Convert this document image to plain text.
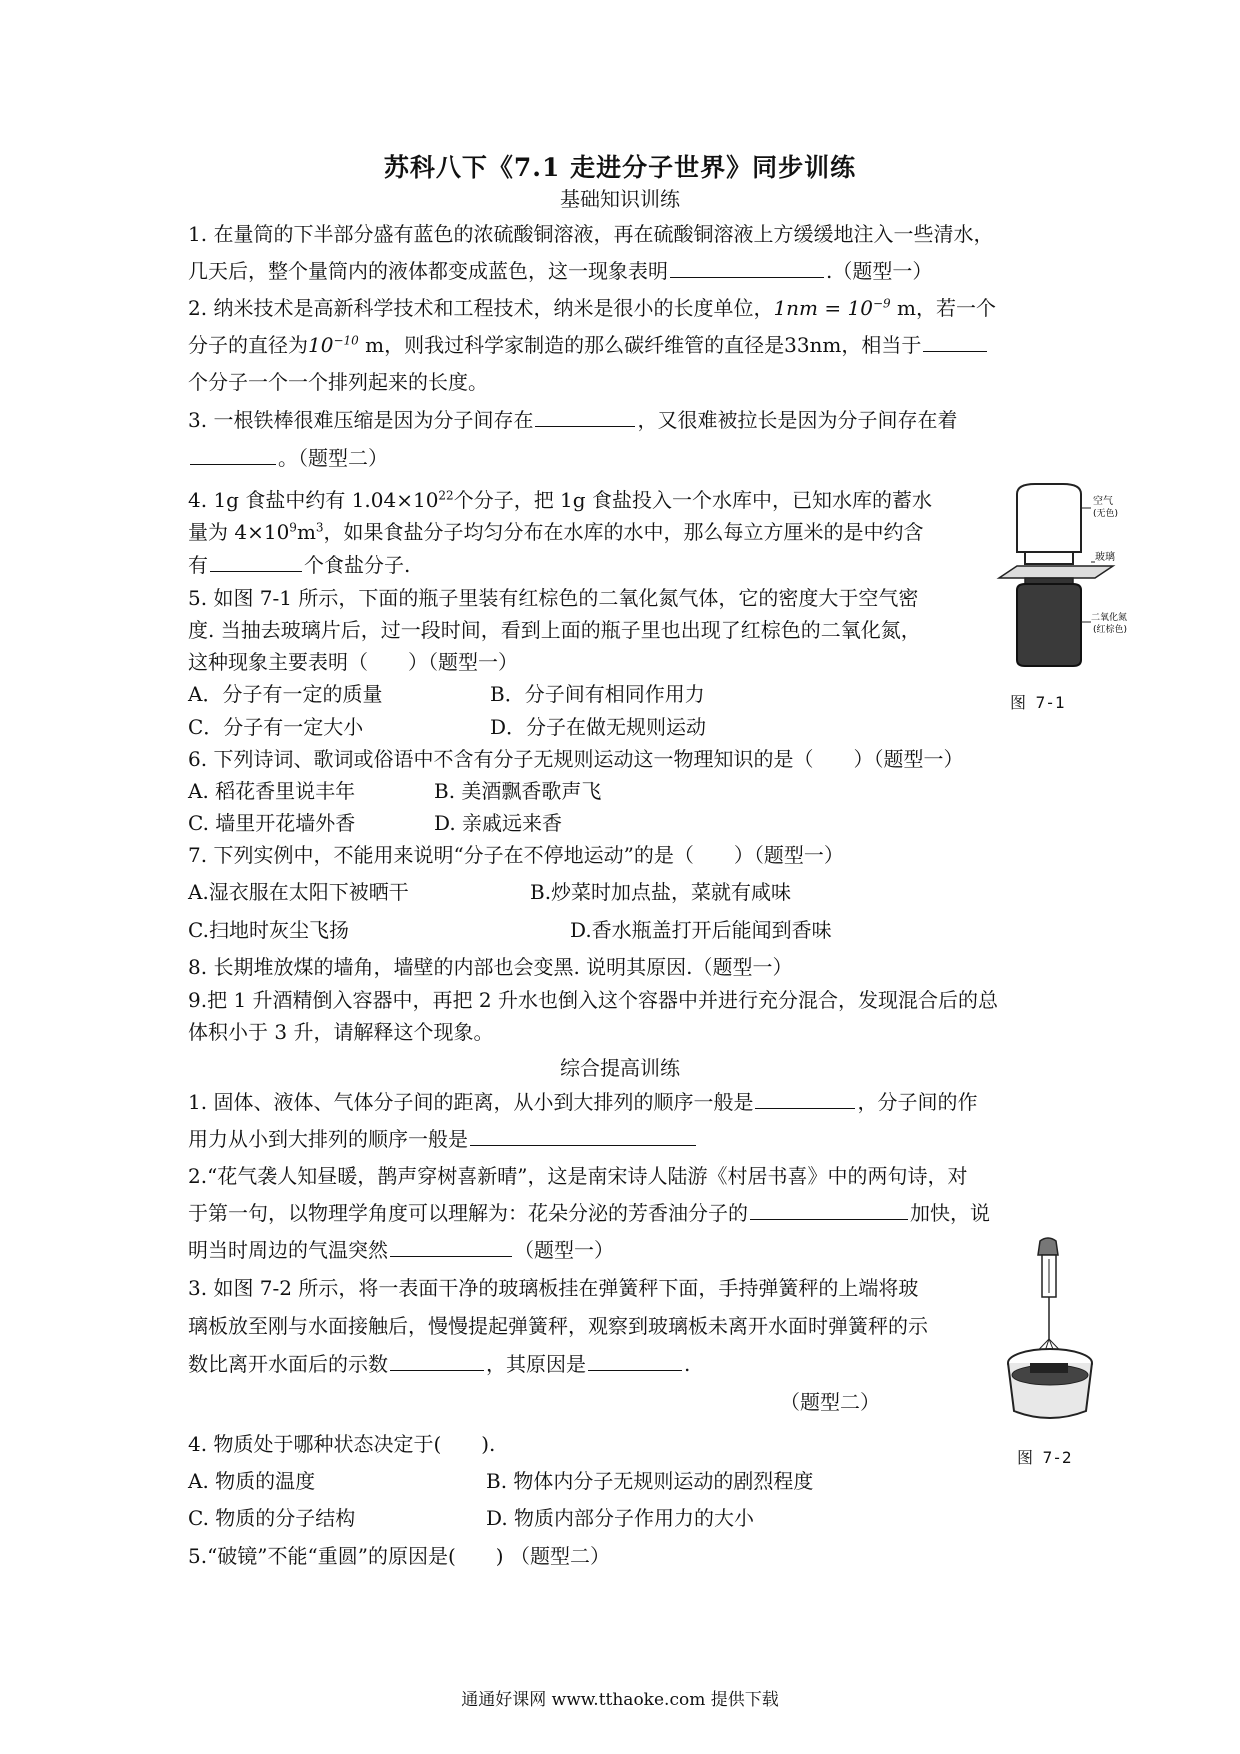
苏科八下《7.1 走进分子世界》同步训练
基础知识训练
1. 在量筒的下半部分盛有蓝色的浓硫酸铜溶液，再在硫酸铜溶液上方缓缓地注入一些清水，
几天后，整个量筒内的液体都变成蓝色，这一现象表明	.（题型一）
2. 纳米技术是高新科学技术和工程技术，纳米是很小的长度单位，$1nm = 10^{-9}$ m，若一个
分子的直径为$10^{-10}$ m，则我过科学家制造的那么碳纤维管的直径是33nm，相当于
个分子一个一个排列起来的长度。
3. 一根铁棒很难压缩是因为分子间存在	，又很难被拉长是因为分子间存在着
。（题型二）
4. 1g 食盐中约有 $1.04\times 10^{22}$个分子，把 1g 食盐投入一个水库中，已知水库的蓄水
量为 $4\times 10^9m^3$，如果食盐分子均匀分布在水库的水中，那么每立方厘米的是中约含
有	个食盐分子.
5. 如图 7-1 所示，下面的瓶子里装有红棕色的二氧化氮气体，它的密度大于空气密
度. 当抽去玻璃片后，过一段时间，看到上面的瓶子里也出现了红棕色的二氧化氮，
这种现象主要表明（　　）（题型一）
A．分子有一定的质量	B．分子间有相同作用力
C．分子有一定大小	D．分子在做无规则运动
6. 下列诗词、歌词或俗语中不含有分子无规则运动这一物理知识的是（　　）（题型一）
A. 稻花香里说丰年	B. 美酒飘香歌声飞
C. 墙里开花墙外香	D. 亲戚远来香
7. 下列实例中，不能用来说明“分子在不停地运动”的是（　　）（题型一）
A.湿衣服在太阳下被晒干	B.炒菜时加点盐，菜就有咸味
C.扫地时灰尘飞扬	D.香水瓶盖打开后能闻到香味
8. 长期堆放煤的墙角，墙壁的内部也会变黑. 说明其原因.（题型一）
9.把 1 升酒精倒入容器中，再把 2 升水也倒入这个容器中并进行充分混合，发现混合后的总
体积小于 3 升，请解释这个现象。
空气
(无色)
玻璃
二氧化氮
(红棕色)
图 7-1
综合提高训练
1. 固体、液体、气体分子间的距离，从小到大排列的顺序一般是	，分子间的作
用力从小到大排列的顺序一般是
2.“花气袭人知昼暖，鹊声穿树喜新晴”，这是南宋诗人陆游《村居书喜》中的两句诗，对
于第一句，以物理学角度可以理解为：花朵分泌的芳香油分子的	加快，说
明当时周边的气温突然	（题型一）
3. 如图 7-2 所示，将一表面干净的玻璃板挂在弹簧秤下面，手持弹簧秤的上端将玻
璃板放至刚与水面接触后，慢慢提起弹簧秤，观察到玻璃板未离开水面时弹簧秤的示
数比离开水面后的示数	，其原因是	.
（题型二）
4. 物质处于哪种状态决定于(　　).
A. 物质的温度	B. 物体内分子无规则运动的剧烈程度
C. 物质的分子结构	D. 物质内部分子作用力的大小
5.“破镜”不能“重圆”的原因是(　　) （题型二）
图 7-2
通通好课网 www.tthaoke.com 提供下载
